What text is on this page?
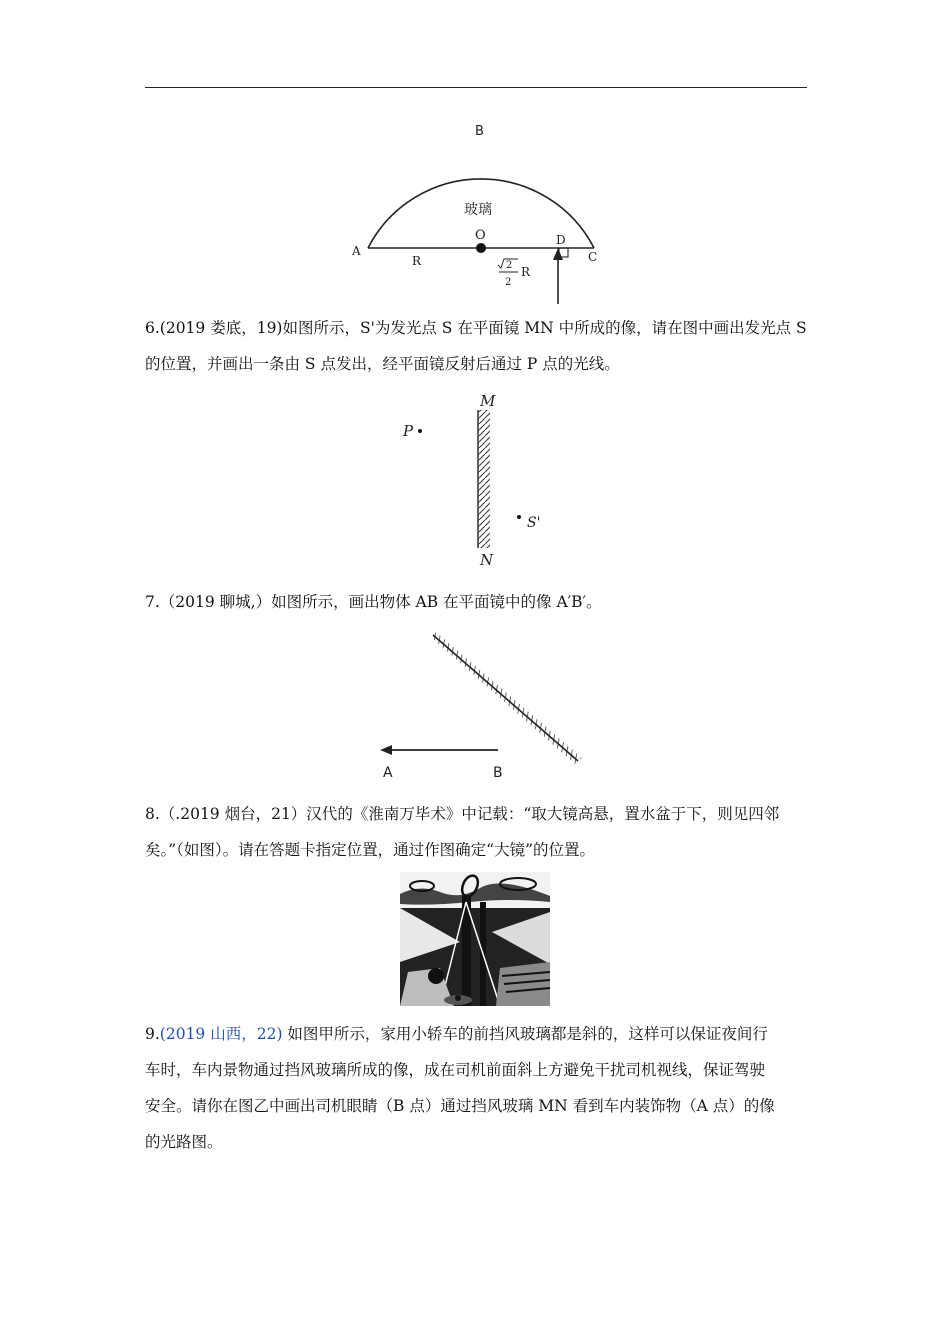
B
玻璃
O	D
A	C
R	2
2
R

6.(2019 娄底，19)如图所示，S'为发光点 S 在平面镜 MN 中所成的像，请在图中画出发光点 S
的位置，并画出一条由 S 点发出，经平面镜反射后通过 P 点的光线。

M
N
P
S'

7.（2019 聊城,）如图所示，画出物体 AB 在平面镜中的像 A′B′。

A	B

8.（.2019 烟台，21）汉代的《淮南万毕术》中记载：“取大镜高悬，置水盆于下，则见四邻
矣。”（如图）。请在答题卡指定位置，通过作图确定“大镜”的位置。

9.(2019 山西，22) 如图甲所示，家用小轿车的前挡风玻璃都是斜的，这样可以保证夜间行
车时，车内景物通过挡风玻璃所成的像，成在司机前面斜上方避免干扰司机视线，保证驾驶
安全。请你在图乙中画出司机眼睛（B 点）通过挡风玻璃 MN 看到车内装饰物（A 点）的像
的光路图。
